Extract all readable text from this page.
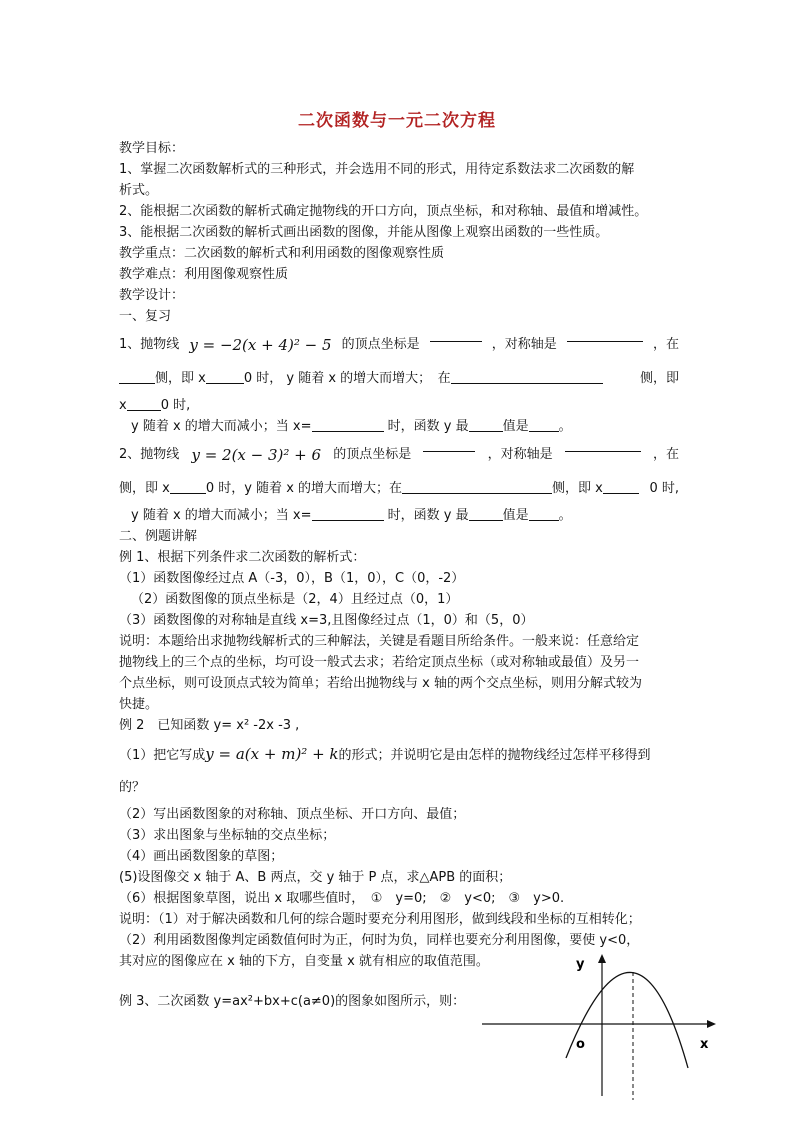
二次函数与一元二次方程
教学目标：
1、掌握二次函数解析式的三种形式，并会选用不同的形式，用待定系数法求二次函数的解
析式。
2、能根据二次函数的解析式确定抛物线的开口方向，顶点坐标，和对称轴、最值和增减性。
3、能根据二次函数的解析式画出函数的图像，并能从图像上观察出函数的一些性质。
教学重点：二次函数的解析式和利用函数的图像观察性质
教学难点：利用图像观察性质
教学设计：
一、复习
1、抛物线 y = −2(x + 4)² − 5 的顶点坐标是	，对称轴是	，在
侧，即 x	0 时， y 随着 x 的增大而增大；　在	侧，即
x	0 时,
y 随着 x 的增大而减小；当 x=	时，函数 y 最	值是 。
2、抛物线 y = 2(x − 3)² + 6 的顶点坐标是	，对称轴是	，在
侧，即 x	0 时，y 随着 x 的增大而增大；在	侧，即 x	0 时,
y 随着 x 的增大而减小；当 x=	时，函数 y 最	值是 。
二、例题讲解
例 1、根据下列条件求二次函数的解析式：
（1）函数图像经过点 A（-3，0），B（1，0），C（0，-2）
（2）函数图像的顶点坐标是（2，4）且经过点（0，1）
（3）函数图像的对称轴是直线 x=3,且图像经过点（1，0）和（5，0）
说明：本题给出求抛物线解析式的三种解法，关键是看题目所给条件。一般来说：任意给定
抛物线上的三个点的坐标，均可设一般式去求；若给定顶点坐标（或对称轴或最值）及另一
个点坐标，则可设顶点式较为简单；若给出抛物线与 x 轴的两个交点坐标，则用分解式较为
快捷。
例 2　已知函数 y= x² -2x -3 ,
（1）把它写成y = a(x + m)² + k的形式；并说明它是由怎样的抛物线经过怎样平移得到
的？
（2）写出函数图象的对称轴、顶点坐标、开口方向、最值；
（3）求出图象与坐标轴的交点坐标；
（4）画出函数图象的草图；
(5)设图像交 x 轴于 A、B 两点，交 y 轴于 P 点，求△APB 的面积；
（6）根据图象草图，说出 x 取哪些值时，　①　y=0;　②　y<0;　③　y>0.
说明：（1）对于解决函数和几何的综合题时要充分利用图形，做到线段和坐标的互相转化；
（2）利用函数图像判定函数值何时为正，何时为负，同样也要充分利用图像，要使 y<0，
其对应的图像应在 x 轴的下方，自变量 x 就有相应的取值范围。
例 3、二次函数 y=ax²+bx+c(a≠0)的图象如图所示，则：
y
x
o
